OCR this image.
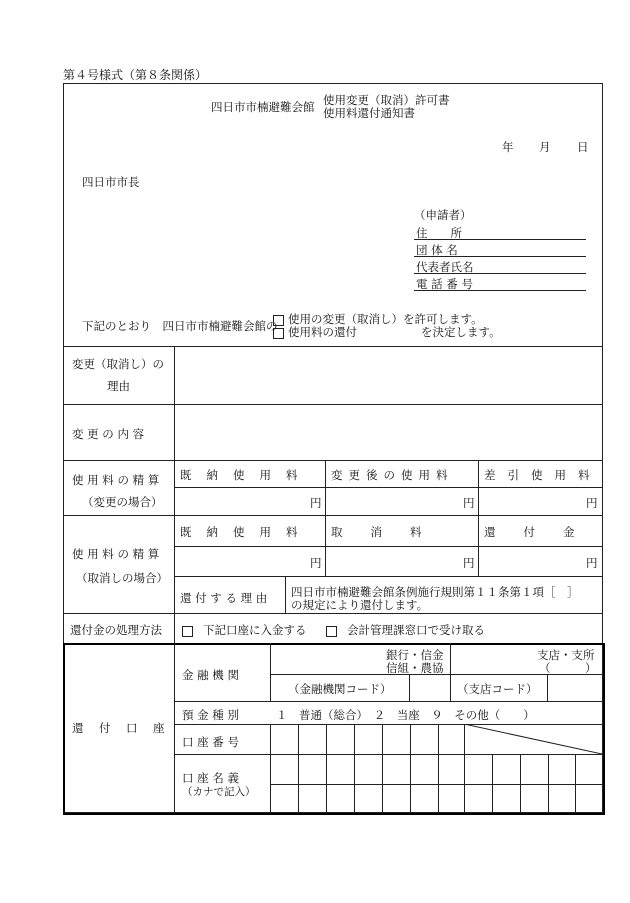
第４号様式（第８条関係）
四日市市楠避難会館 使用変更（取消）許可書
使用料還付通知書
年 月 日
四日市市長
（申請者）
住　　所
団 体 名
代表者氏名
電 話 番 号
下記のとおり　四日市市楠避難会館の 使用の変更（取消し）を許可します。
使用料の還付	を決定します。
変更（取消し）の
理由
変 更 の 内 容
使 用 料 の 精 算
（変更の場合）
既納使用料 変更後の使用料	差引使用料
円	円	円
使 用 料 の 精 算
（取消しの場合）
既納使用料 取消料	還付金
円	円	円
還 付 す る 理 由 四日市市楠避難会館条例施行規則第１１条第１項［　］
の規定により還付します。
還付金の処理方法	下記口座に入金する	会計管理課窓口で受け取る
還　付　口　座
金 融 機 関
銀行・信金
信組・農協
支店・支所
（　　　）
（金融機関コード）	（支店コード）
預 金 種 別	１　普通（総合）　２　当座　９　その他（　　）
口 座 番 号
口 座 名 義
（カナで記入）
